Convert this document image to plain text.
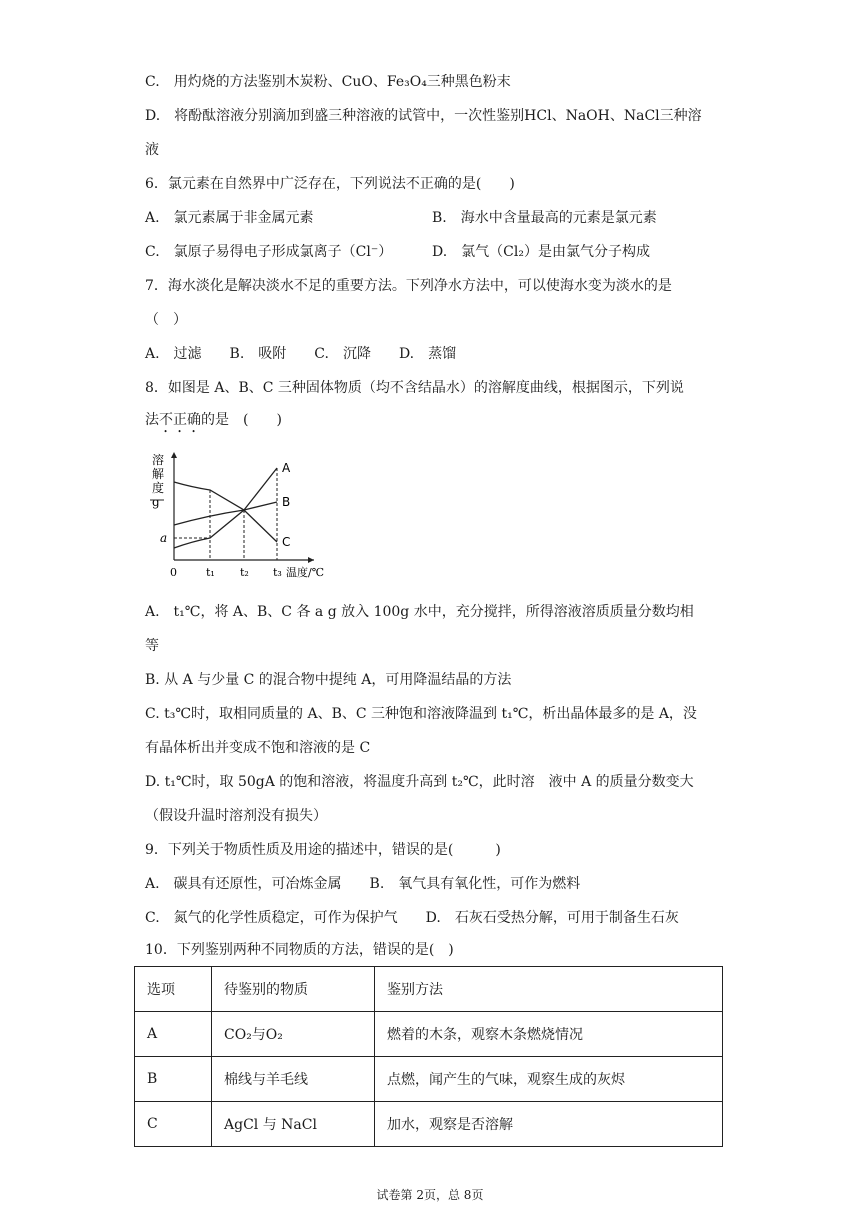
C.　用灼烧的方法鉴别木炭粉、CuO、Fe₃O₄三种黑色粉末
D.　将酚酞溶液分别滴加到盛三种溶液的试管中，一次性鉴别HCl、NaOH、NaCl三种溶
液
6．氯元素在自然界中广泛存在，下列说法不正确的是(　　)
A.　氯元素属于非金属元素	B.　海水中含量最高的元素是氯元素
C.　氯原子易得电子形成氯离子（Cl⁻）	D.　氯气（Cl₂）是由氯气分子构成
7．海水淡化是解决淡水不足的重要方法。下列净水方法中，可以使海水变为淡水的是
（　）
A.　过滤　　B.　吸附　　C.　沉降　　D.　蒸馏
8．如图是 A、B、C 三种固体物质（均不含结晶水）的溶解度曲线，根据图示，下列说
法不正确的是　(　　)
溶
解
度
g
0	t₁ t₂ t₃ 温度/℃
A
B
C
a
A.　t₁℃，将 A、B、C 各 a g 放入 100g 水中，充分搅拌，所得溶液溶质质量分数均相
等
B. 从 A 与少量 C 的混合物中提纯 A，可用降温结晶的方法
C. t₃℃时，取相同质量的 A、B、C 三种饱和溶液降温到 t₁℃，析出晶体最多的是 A，没
有晶体析出并变成不饱和溶液的是 C
D. t₁℃时，取 50gA 的饱和溶液，将温度升高到 t₂℃，此时溶　液中 A 的质量分数变大
（假设升温时溶剂没有损失）
9．下列关于物质性质及用途的描述中，错误的是(　　　)
A.　碳具有还原性，可冶炼金属　　B.　氧气具有氧化性，可作为燃料
C.　氮气的化学性质稳定，可作为保护气　　D.　石灰石受热分解，可用于制备生石灰
10．下列鉴别两种不同物质的方法，错误的是(　)
选项	待鉴别的物质	鉴别方法
A	CO₂与O₂	燃着的木条，观察木条燃烧情况
B	棉线与羊毛线	点燃，闻产生的气味，观察生成的灰烬
C	AgCl 与 NaCl	加水，观察是否溶解
试卷第 2页，总 8页
